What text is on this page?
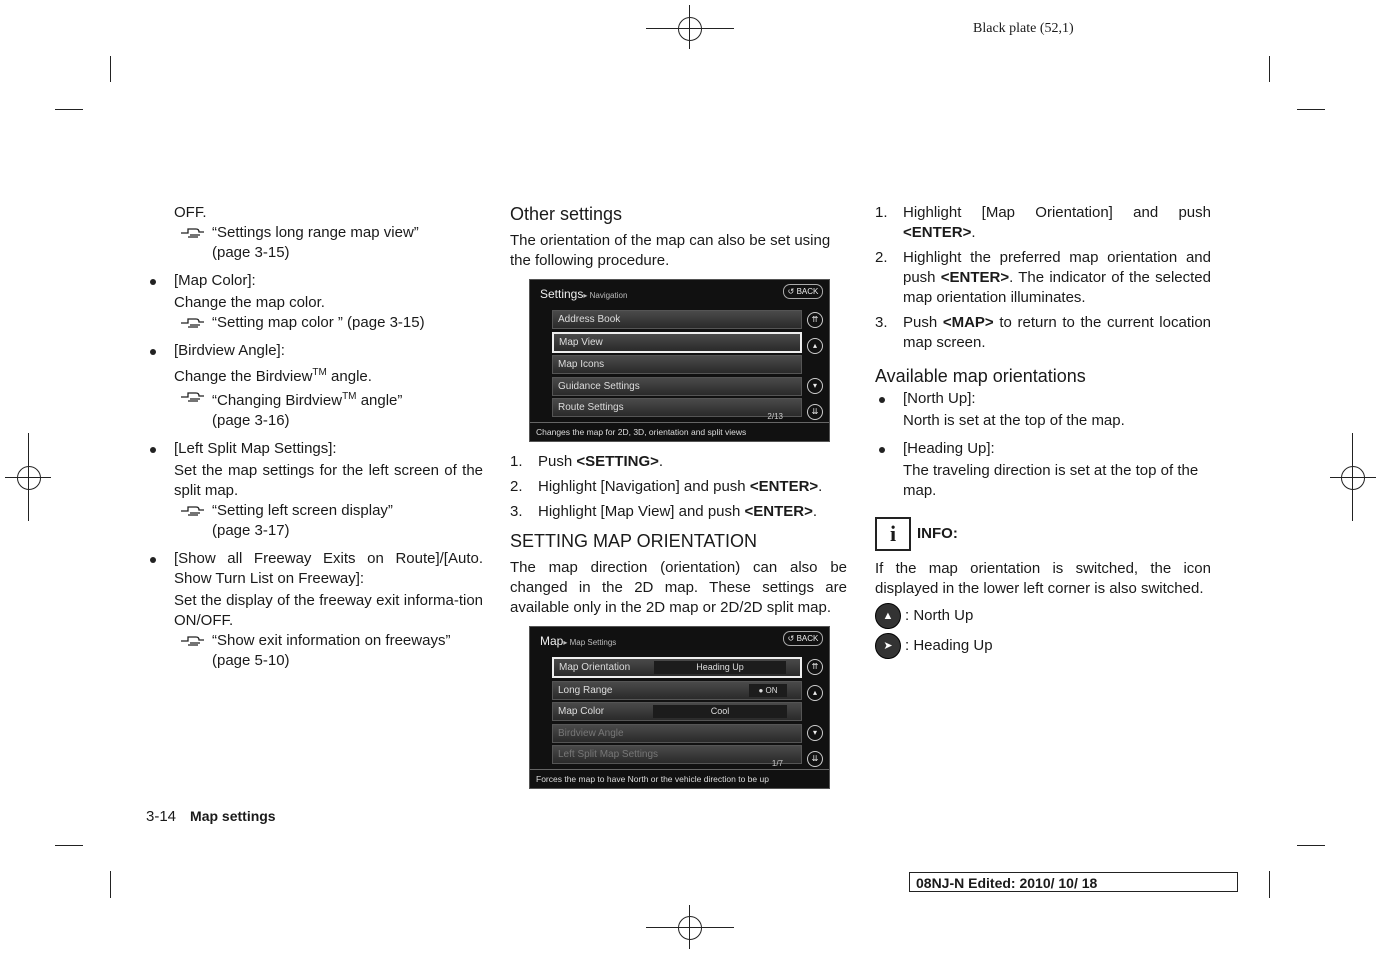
Black plate (52,1)
OFF.
“Settings long range map view”
(page 3-15)
[Map Color]:
Change the map color.
“Setting map color ” (page 3-15)
[Birdview Angle]:
Change the Birdview™ angle.
“Changing Birdview™ angle”
(page 3-16)
[Left Split Map Settings]:
Set the map settings for the left screen of the split map.
“Setting left screen display”
(page 3-17)
[Show all Freeway Exits on Route]/[Auto. Show Turn List on Freeway]:
Set the display of the freeway exit informa-tion ON/OFF.
“Show exit information on freeways”
(page 5-10)
Other settings

The orientation of the map can also be set using the following procedure.

Settings▸ Navigation	↺ BACK
Address Book
Map View
Map Icons
Guidance Settings
Route Settings
⇈
▴
▾
⇊
2/13
Changes the map for 2D, 3D, orientation and split views
1. Push <SETTING>.
2. Highlight [Navigation] and push <ENTER>.
3. Highlight [Map View] and push <ENTER>.
SETTING MAP ORIENTATION

The map direction (orientation) can also be changed in the 2D map. These settings are available only in the 2D map or 2D/2D split map.

Map▸ Map Settings	↺ BACK
Map Orientation	Heading Up
Long Range	● ON
Map Color	Cool
Birdview Angle
Left Split Map Settings
⇈
▴
▾
⇊
1/7
Forces the map to have North or the vehicle direction to be up
1. Highlight [Map Orientation] and push <ENTER>.
2. Highlight the preferred map orientation and push <ENTER>. The indicator of the selected map orientation illuminates.
3. Push <MAP> to return to the current location map screen.
Available map orientations
[North Up]:
North is set at the top of the map.
[Heading Up]:
The traveling direction is set at the top of the map.
i	INFO:

If the map orientation is switched, the icon displayed in the lower left corner is also switched.

▲ : North Up
➤ : Heading Up
3-14 Map settings
08NJ-N Edited: 2010/ 10/ 18
